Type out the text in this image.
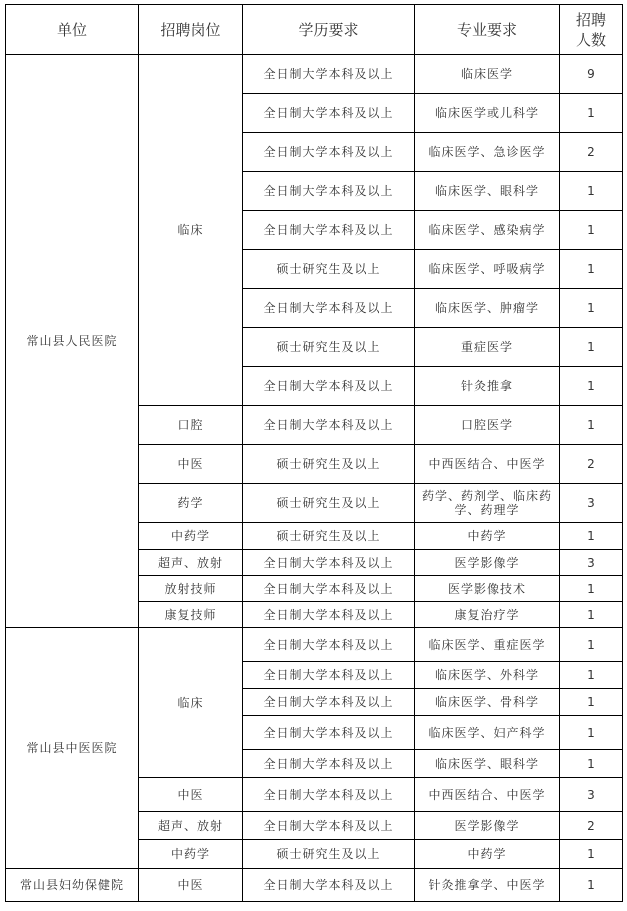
单位	招聘岗位	学历要求	专业要求	招聘人数
常山县人民医院	临床	全日制大学本科及以上	临床医学	9
		全日制大学本科及以上	临床医学或儿科学	1
		全日制大学本科及以上	临床医学、急诊医学	2
		全日制大学本科及以上	临床医学、眼科学	1
		全日制大学本科及以上	临床医学、感染病学	1
		硕士研究生及以上	临床医学、呼吸病学	1
		全日制大学本科及以上	临床医学、肿瘤学	1
		硕士研究生及以上	重症医学	1
		全日制大学本科及以上	针灸推拿	1
	口腔	全日制大学本科及以上	口腔医学	1
	中医	硕士研究生及以上	中西医结合、中医学	2
	药学	硕士研究生及以上	药学、药剂学、临床药学、药理学	3
	中药学	硕士研究生及以上	中药学	1
	超声、放射	全日制大学本科及以上	医学影像学	3
	放射技师	全日制大学本科及以上	医学影像技术	1
	康复技师	全日制大学本科及以上	康复治疗学	1
常山县中医医院	临床	全日制大学本科及以上	临床医学、重症医学	1
		全日制大学本科及以上	临床医学、外科学	1
		全日制大学本科及以上	临床医学、骨科学	1
		全日制大学本科及以上	临床医学、妇产科学	1
		全日制大学本科及以上	临床医学、眼科学	1
	中医	全日制大学本科及以上	中西医结合、中医学	3
	超声、放射	全日制大学本科及以上	医学影像学	2
	中药学	硕士研究生及以上	中药学	1
常山县妇幼保健院	中医	全日制大学本科及以上	针灸推拿学、中医学	1
